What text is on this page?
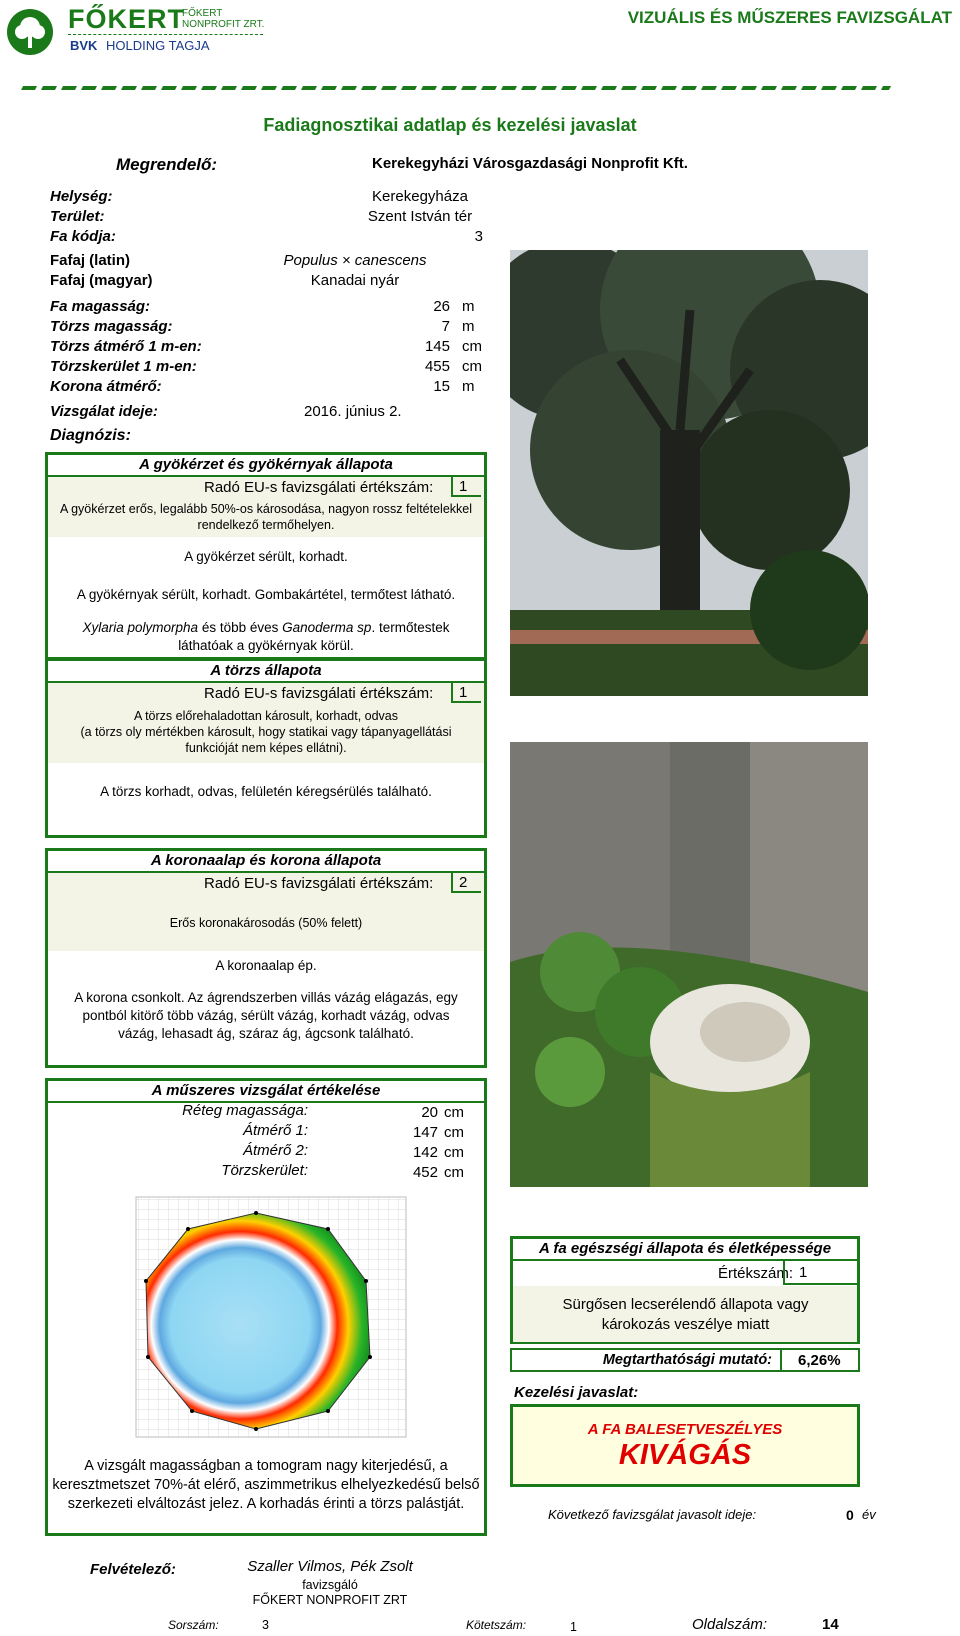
FŐKERT
FŐKERT
NONPROFIT ZRT.
BVK HOLDING TAGJA
VIZUÁLIS ÉS MŰSZERES FAVIZSGÁLAT
Fadiagnosztikai adatlap és kezelési javaslat
Megrendelő:	Kerekegyházi Városgazdasági Nonprofit Kft.
Helység:	Kerekegyháza
Terület:	Szent István tér
Fa kódja:	3
Fafaj (latin)	Populus × canescens
Fafaj (magyar)	Kanadai nyár
Fa magasság:	26 m
Törzs magasság:	7 m
Törzs átmérő 1 m-en:	145 cm
Törzskerület 1 m-en:	455 cm
Korona átmérő:	15 m
Vizsgálat ideje:	2016. június 2.
Diagnózis:
A gyökérzet és gyökérnyak állapota
Radó EU-s favizsgálati értékszám:	1
A gyökérzet erős, legalább 50%-os károsodása, nagyon rossz feltételekkel rendelkező termőhelyen.
A gyökérzet sérült, korhadt.
A gyökérnyak sérült, korhadt. Gombakártétel, termőtest látható.
Xylaria polymorpha és több éves Ganoderma sp. termőtestek láthatóak a gyökérnyak körül.
A törzs állapota
Radó EU-s favizsgálati értékszám:	1
A törzs előrehaladottan károsult, korhadt, odvas
(a törzs oly mértékben károsult, hogy statikai vagy tápanyagellátási funkcióját nem képes ellátni).
A törzs korhadt, odvas, felületén kéregsérülés található.
A koronaalap és korona állapota
Radó EU-s favizsgálati értékszám:	2
Erős koronakárosodás (50% felett)
A koronaalap ép.
A korona csonkolt. Az ágrendszerben villás vázág elágazás, egy pontból kitörő több vázág, sérült vázág, korhadt vázág, odvas vázág, lehasadt ág, száraz ág, ágcsonk található.
A műszeres vizsgálat értékelése
Réteg magassága:	20 cm
Átmérő 1:	147 cm
Átmérő 2:	142 cm
Törzskerület:	452 cm
A vizsgált magasságban a tomogram nagy kiterjedésű, a keresztmetszet 70%-át elérő, aszimmetrikus elhelyezkedésű belső szerkezeti elváltozást jelez. A korhadás érinti a törzs palástját.
A fa egészségi állapota és életképessége
Értékszám: 1
Sürgősen lecserélendő állapota vagy károkozás veszélye miatt
Megtarthatósági mutató:	6,26%
Kezelési javaslat:
A FA BALESETVESZÉLYES
KIVÁGÁS
Következő favizsgálat javasolt ideje:	0 év
Felvételező:	Szaller Vilmos, Pék Zsolt
favizsgáló
FŐKERT NONPROFIT ZRT
Sorszám:	3	Kötetszám:	1	Oldalszám:	14
